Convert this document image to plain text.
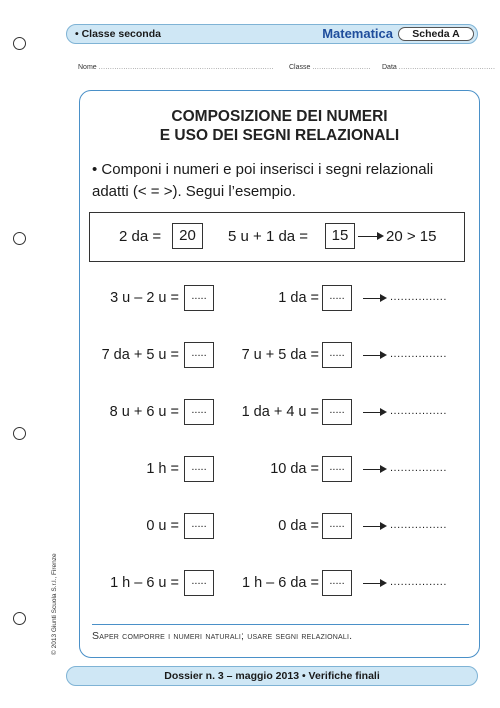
• Classe seconda	Matematica	Scheda A
Nome .............................................................................. Classe .......................... Data ...........................................
COMPOSIZIONE DEI NUMERI
E USO DEI SEGNI RELAZIONALI
• Componi i numeri e poi inserisci i segni relazionali adatti (< = >). Segui l’esempio.
2 da =	20	5 u + 1 da =	15	20 > 15
3 u – 2 u =	.....	1 da = .....	................
7 da + 5 u =	.....	7 u + 5 da = .....	................
8 u + 6 u =	.....	1 da + 4 u = .....	................
1 h =	.....	10 da = .....	................
0 u =	.....	0 da = .....	................
1 h – 6 u =	.....	1 h – 6 da = .....	................
Saper comporre i numeri naturali; usare segni relazionali.
© 2013 Giunti Scuola S.r.l., Firenze
Dossier n. 3 – maggio 2013 • Verifiche finali
